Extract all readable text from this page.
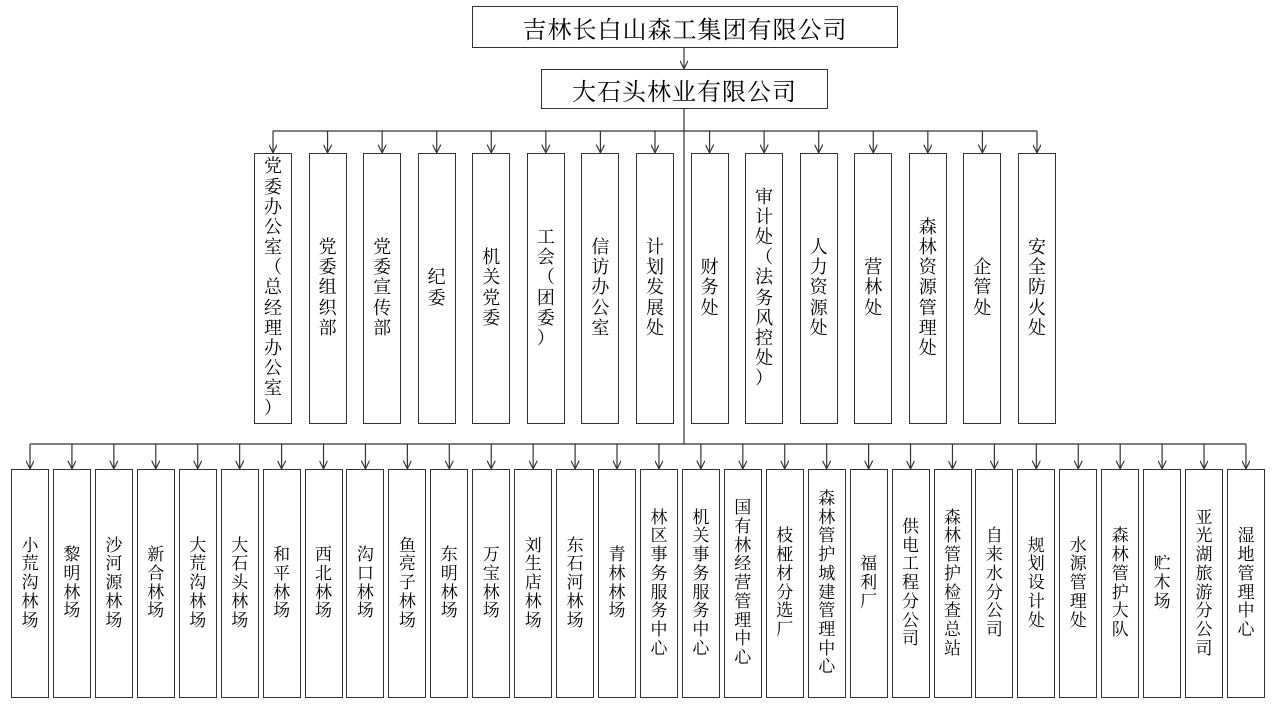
吉林长白山森工集团有限公司
大石头林业有限公司
党委办公室（总经理办公室）
党委组织部
党委宣传部
纪　委
机关党委
工　会（团　委）
信访办公室
计划发展处
财务处
审计处（法务风控处）
人力资源处
营林处
森林资源管理处
企管处
安全防火处
小荒沟林场
黎明林场
沙河源林场
新合林场
大荒沟林场
大石头林场
和平林场
西北林场
沟口林场
鱼亮子林场
东明林场
万宝林场
刘生店林场
东石河林场
青林林场
林区事务服务中心
机关事务服务中心
国有林经营管理中心
枝桠材分选厂
森林管护城建管理中心
福利厂
供电工程分公司
森林管护检查总站
自来水分公司
规划设计处
水源管理处
森林管护大队
贮木场
亚光湖旅游分公司
湿地管理中心
